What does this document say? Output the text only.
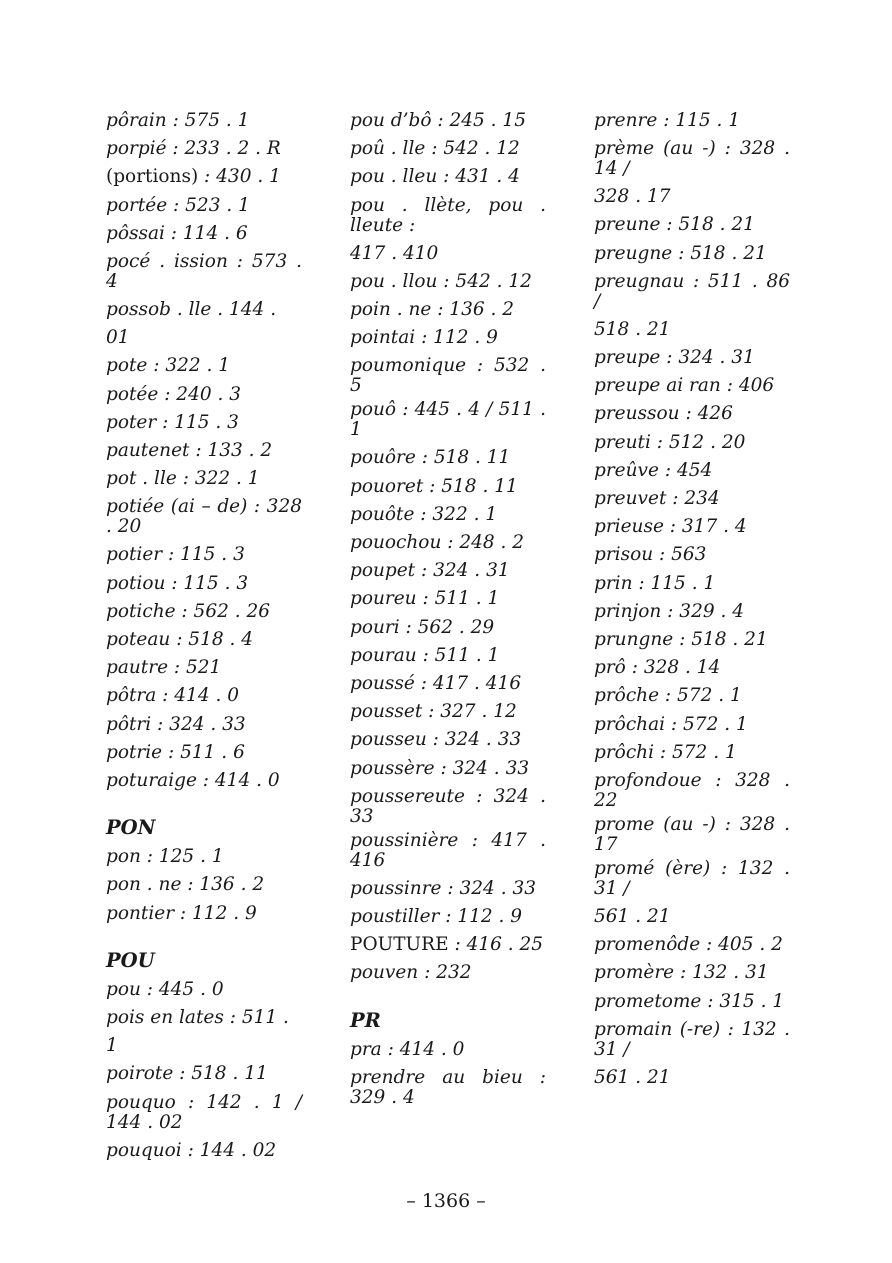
pôrain : 575 . 1
porpié : 233 . 2 . R
(portions) : 430 . 1
portée : 523 . 1
pôssai : 114 . 6
pocé . ission : 573 . 4
possob . lle . 144 . 01
pote : 322 . 1
potée : 240 . 3
poter : 115 . 3
pautenet : 133 . 2
pot . lle : 322 . 1
potiée (ai – de) : 328 . 20
potier : 115 . 3
potiou : 115 . 3
potiche : 562 . 26
poteau : 518 . 4
pautre : 521
pôtra : 414 . 0
pôtri : 324 . 33
potrie : 511 . 6
poturaige : 414 . 0
PON
pon : 125 . 1
pon . ne : 136 . 2
pontier : 112 . 9
POU
pou : 445 . 0
pois en lates : 511 . 1
poirote : 518 . 11
pouquo : 142 . 1 / 144 . 02
pouquoi : 144 . 02
pou d’bô : 245 . 15
poû . lle : 542 . 12
pou . lleu : 431 . 4
pou . llète, pou . lleute :
417 . 410
pou . llou : 542 . 12
poin . ne : 136 . 2
pointai : 112 . 9
poumonique : 532 . 5
pouô : 445 . 4 / 511 . 1
pouôre : 518 . 11
pouoret : 518 . 11
pouôte : 322 . 1
pouochou : 248 . 2
poupet : 324 . 31
poureu : 511 . 1
pouri : 562 . 29
pourau : 511 . 1
poussé : 417 . 416
pousset : 327 . 12
pousseu : 324 . 33
poussère : 324 . 33
poussereute : 324 . 33
poussinière : 417 . 416
poussinre : 324 . 33
poustiller : 112 . 9
POUTURE : 416 . 25
pouven : 232
PR
pra : 414 . 0
prendre au bieu : 329 . 4
prenre : 115 . 1
prème (au -) : 328 . 14 /
328 . 17
preune : 518 . 21
preugne : 518 . 21
preugnau : 511 . 86 /
518 . 21
preupe : 324 . 31
preupe ai ran : 406
preussou : 426
preuti : 512 . 20
preûve : 454
preuvet : 234
prieuse : 317 . 4
prisou : 563
prin : 115 . 1
prinjon : 329 . 4
prungne : 518 . 21
prô : 328 . 14
prôche : 572 . 1
prôchai : 572 . 1
prôchi : 572 . 1
profondoue : 328 . 22
prome (au -) : 328 . 17
promé (ère) : 132 . 31 /
561 . 21
promenôde : 405 . 2
promère : 132 . 31
prometome : 315 . 1
promain (-re) : 132 . 31 /
561 . 21
– 1366 –
